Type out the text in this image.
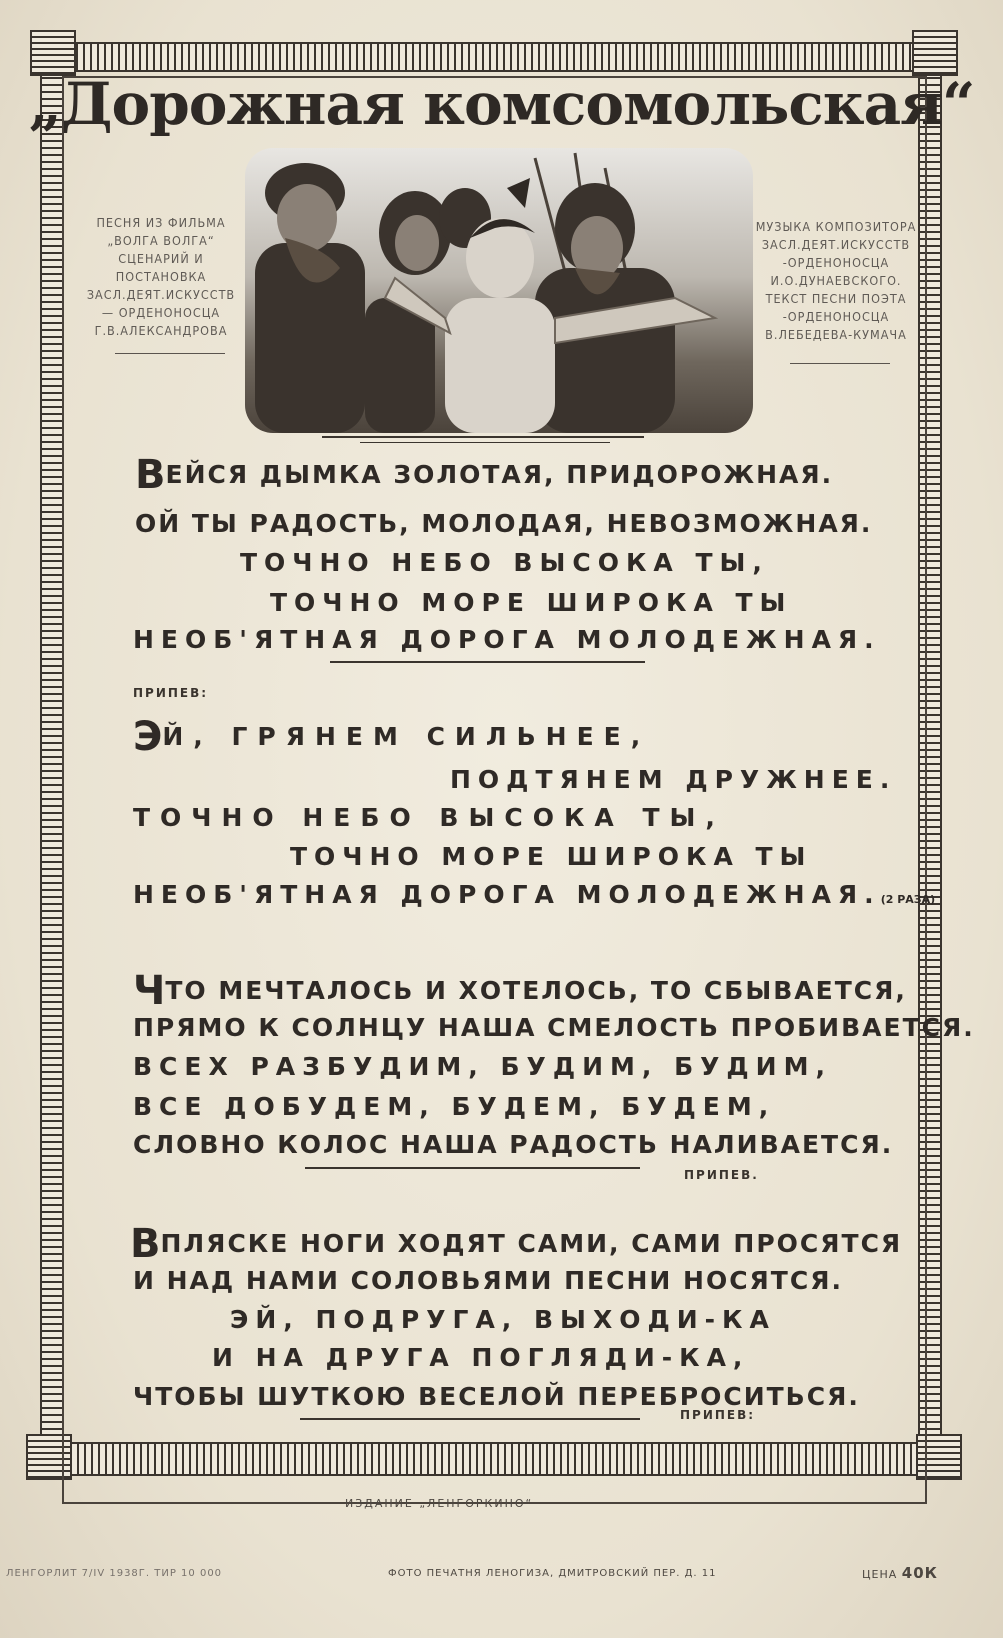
„Дорожная комсомольская“
ПЕСНЯ ИЗ ФИЛЬМА
„ВОЛГА ВОЛГА“
СЦЕНАРИЙ И
ПОСТАНОВКА
ЗАСЛ.ДЕЯТ.ИСКУССТВ
— ОРДЕНОНОСЦА
Г.В.АЛЕКСАНДРОВА
МУЗЫКА КОМПОЗИТОРА
ЗАСЛ.ДЕЯТ.ИСКУССТВ
-ОРДЕНОНОСЦА
И.О.ДУНАЕВСКОГО.
ТЕКСТ ПЕСНИ ПОЭТА
-ОРДЕНОНОСЦА
В.ЛЕБЕДЕВА-КУМАЧА
ВЕЙСЯ ДЫМКА ЗОЛОТАЯ, ПРИДОРОЖНАЯ.
ОЙ ТЫ РАДОСТЬ, МОЛОДАЯ, НЕВОЗМОЖНАЯ.
ТОЧНО НЕБО ВЫСОКА ТЫ,
ТОЧНО МОРЕ ШИРОКА ТЫ
НЕОБ'ЯТНАЯ ДОРОГА МОЛОДЕЖНАЯ.
ПРИПЕВ:
ЭЙ, ГРЯНЕМ СИЛЬНЕЕ,
ПОДТЯНЕМ ДРУЖНЕЕ.
ТОЧНО НЕБО ВЫСОКА ТЫ,
ТОЧНО МОРЕ ШИРОКА ТЫ
НЕОБ'ЯТНАЯ ДОРОГА МОЛОДЕЖНАЯ.(2 РАЗА)
ЧТО МЕЧТАЛОСЬ И ХОТЕЛОСЬ, ТО СБЫВАЕТСЯ,
ПРЯМО К СОЛНЦУ НАША СМЕЛОСТЬ ПРОБИВАЕТСЯ.
ВСЕХ РАЗБУДИМ, БУДИМ, БУДИМ,
ВСЕ ДОБУДЕМ, БУДЕМ, БУДЕМ,
СЛОВНО КОЛОС НАША РАДОСТЬ НАЛИВАЕТСЯ.
ПРИПЕВ.
ВПЛЯСКЕ НОГИ ХОДЯТ САМИ, САМИ ПРОСЯТСЯ
И НАД НАМИ СОЛОВЬЯМИ ПЕСНИ НОСЯТСЯ.
ЭЙ, ПОДРУГА, ВЫХОДИ-КА
И НА ДРУГА ПОГЛЯДИ-КА,
ЧТОБЫ ШУТКОЮ ВЕСЕЛОЙ ПЕРЕБРОСИТЬСЯ.
ПРИПЕВ:
ИЗДАНИЕ „ЛЕНГОРКИНО“
ЛЕНГОРЛИТ 7/IV 1938Г. ТИР 10 000	ФОТО ПЕЧАТНЯ ЛЕНОГИЗА, ДМИТРОВСКИЙ ПЕР. Д. 11	ЦЕНА 40К
